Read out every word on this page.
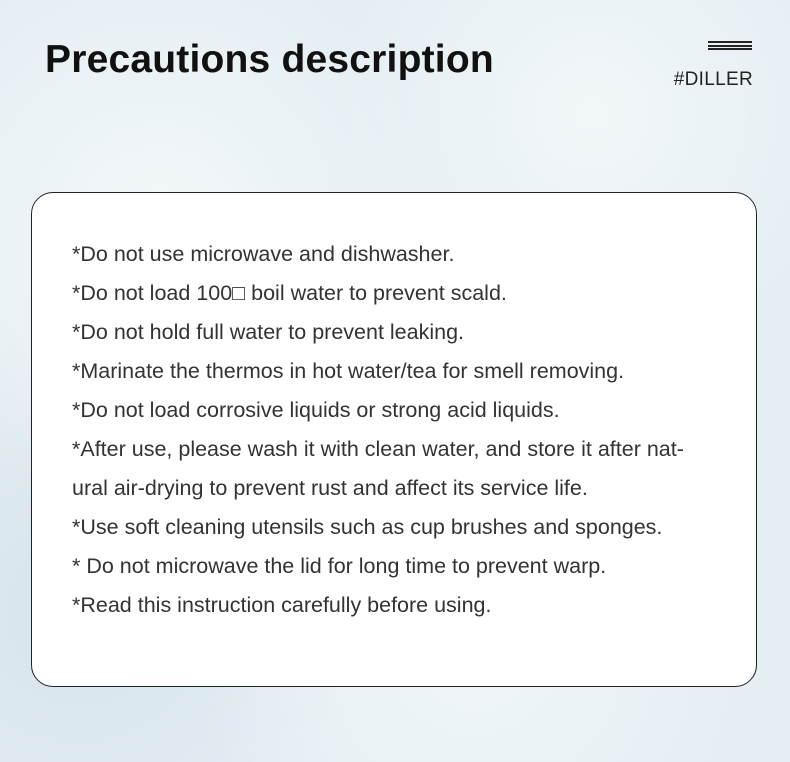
Precautions description	#DILLER
*Do not use microwave and dishwasher.
*Do not load 100□ boil water to prevent scald.
*Do not hold full water to prevent leaking.
*Marinate the thermos in hot water/tea for smell removing.
*Do not load corrosive liquids or strong acid liquids.
*After use, please wash it with clean water, and store it after nat-
ural air-drying to prevent rust and affect its service life.
*Use soft cleaning utensils such as cup brushes and sponges.
* Do not microwave the lid for long time to prevent warp.
*Read this instruction carefully before using.
